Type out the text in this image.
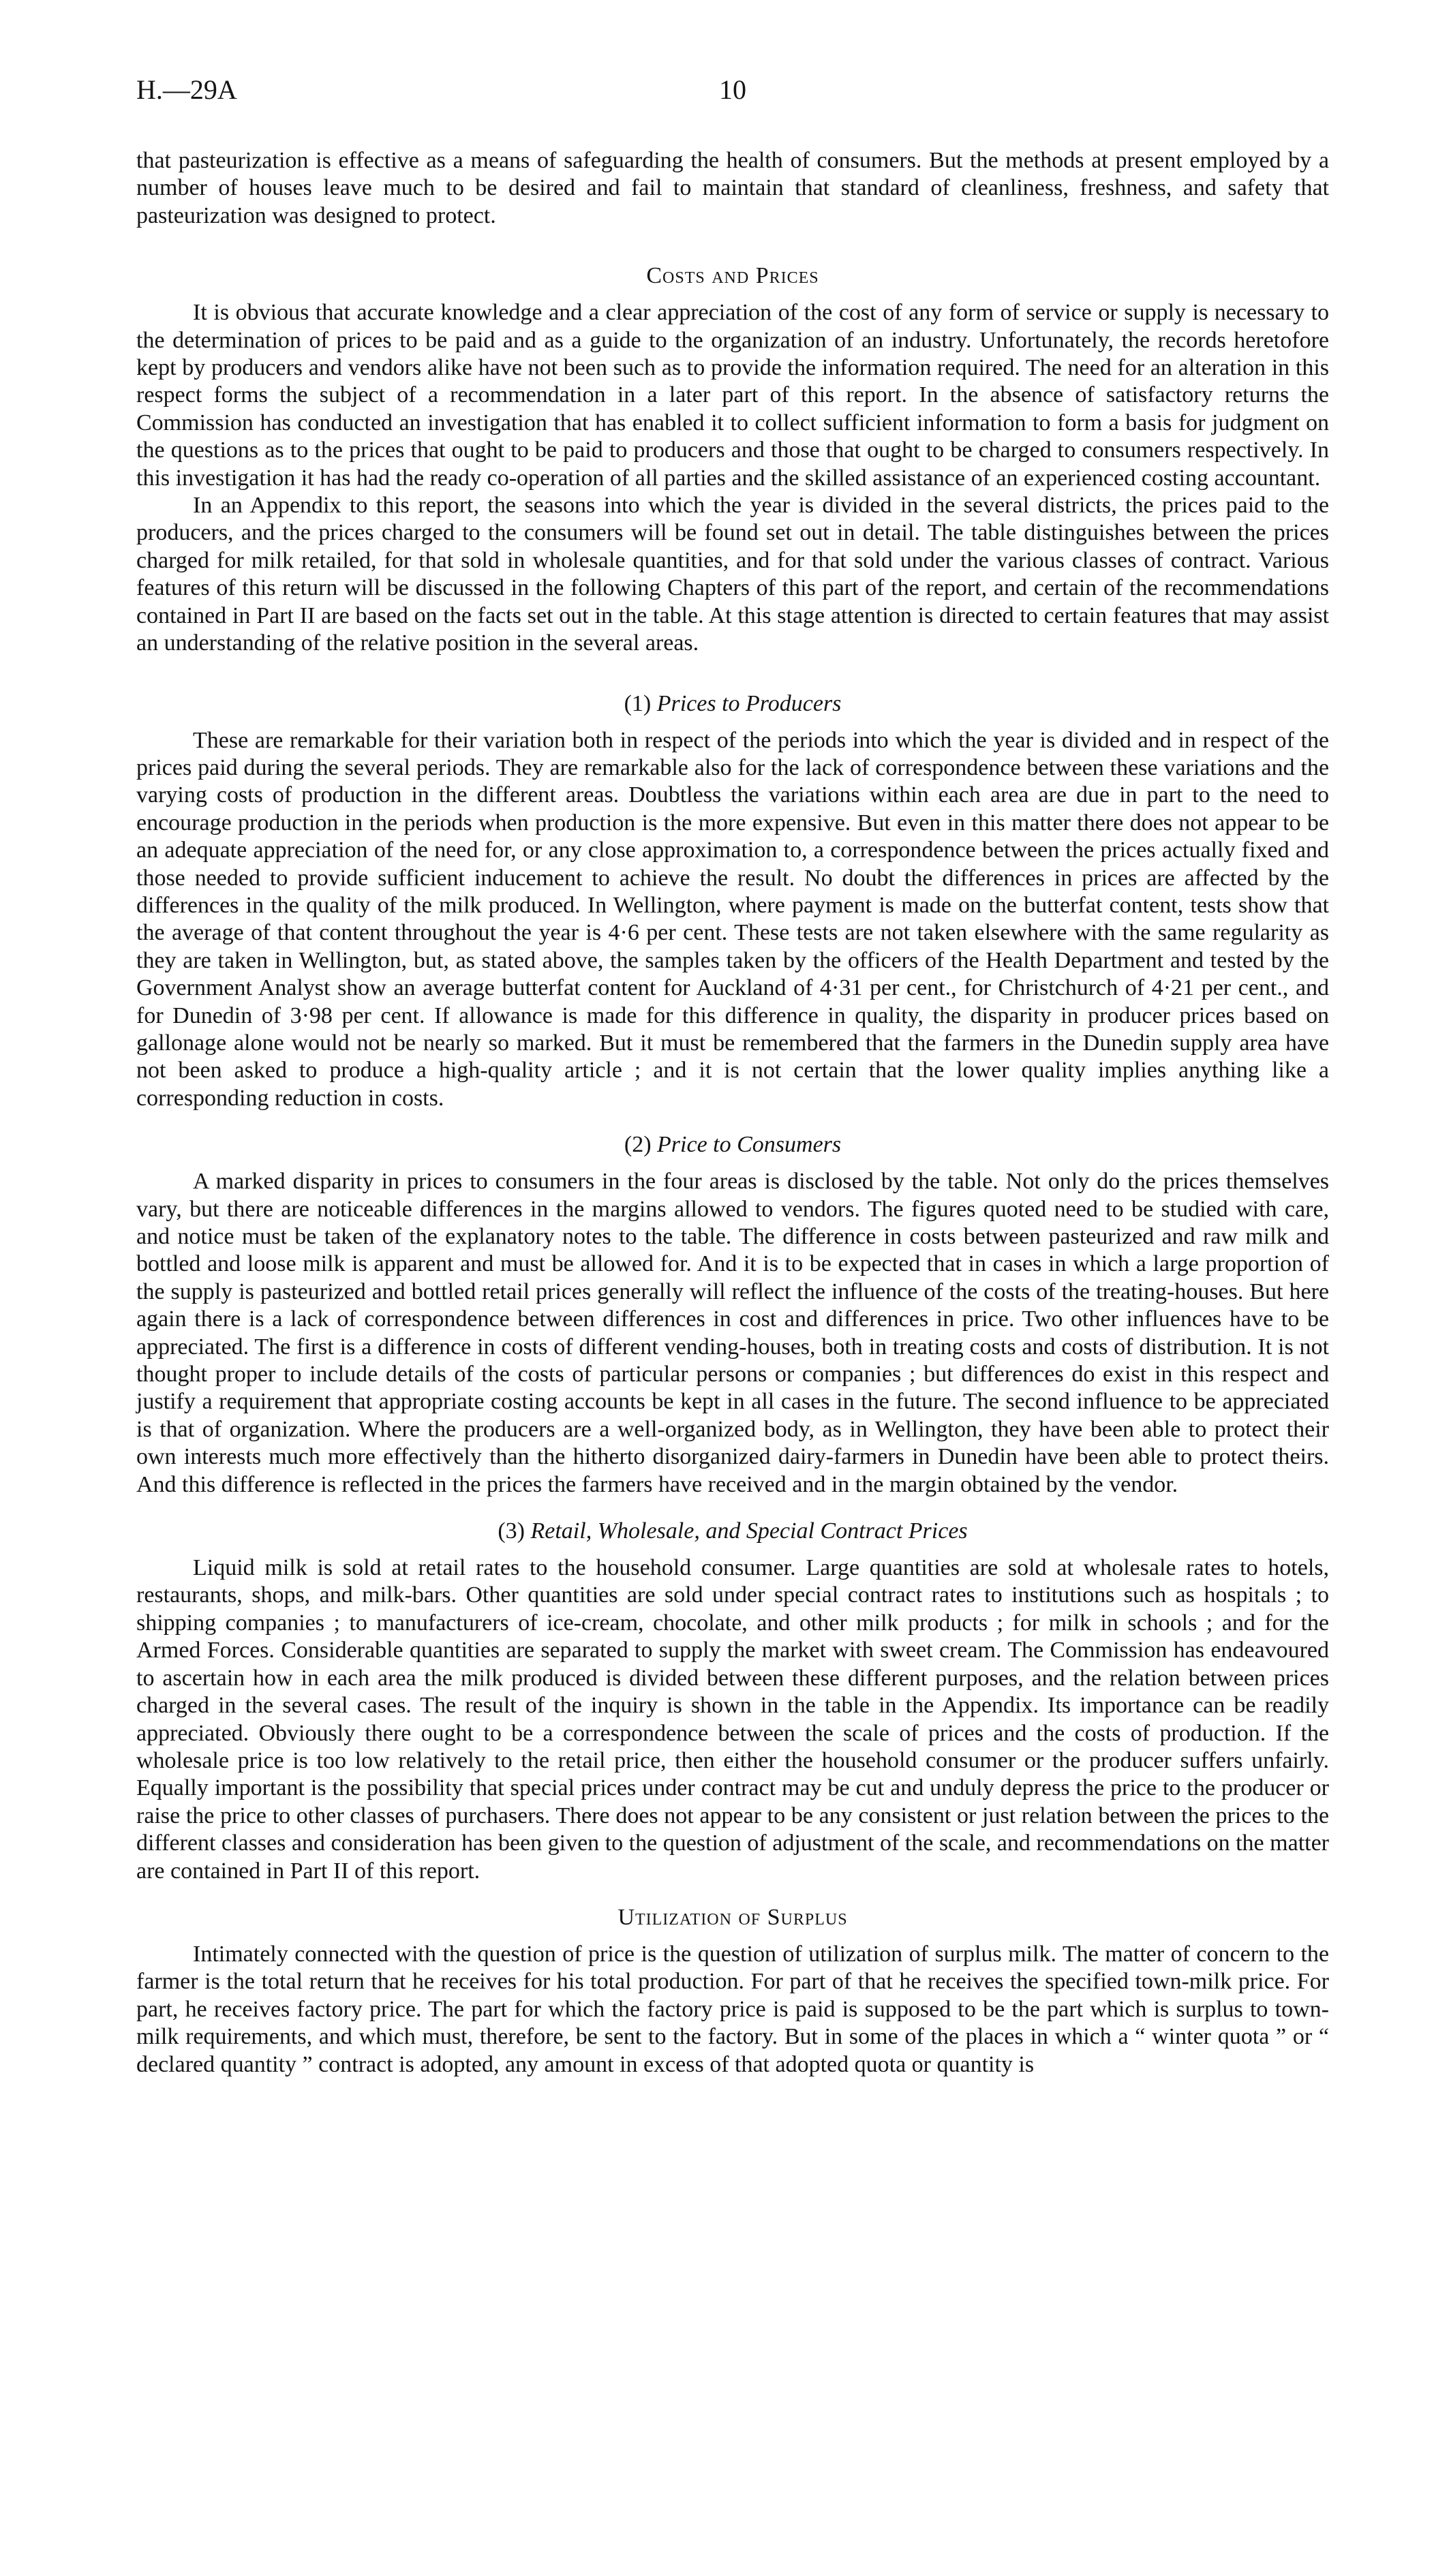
H.—29A	10

that pasteurization is effective as a means of safeguarding the health of consumers. But the methods at present employed by a number of houses leave much to be desired and fail to maintain that standard of cleanliness, freshness, and safety that pasteurization was designed to protect.

Costs and Prices

It is obvious that accurate knowledge and a clear appreciation of the cost of any form of service or supply is necessary to the determination of prices to be paid and as a guide to the organization of an industry. Unfortunately, the records heretofore kept by producers and vendors alike have not been such as to provide the information required. The need for an alteration in this respect forms the subject of a recommendation in a later part of this report. In the absence of satisfactory returns the Commission has conducted an investigation that has enabled it to collect sufficient information to form a basis for judgment on the questions as to the prices that ought to be paid to producers and those that ought to be charged to consumers respectively. In this investigation it has had the ready co-operation of all parties and the skilled assistance of an experienced costing accountant.

In an Appendix to this report, the seasons into which the year is divided in the several districts, the prices paid to the producers, and the prices charged to the consumers will be found set out in detail. The table distinguishes between the prices charged for milk retailed, for that sold in wholesale quantities, and for that sold under the various classes of contract. Various features of this return will be discussed in the following Chapters of this part of the report, and certain of the recommendations contained in Part II are based on the facts set out in the table. At this stage attention is directed to certain features that may assist an understanding of the relative position in the several areas.

(1) Prices to Producers

These are remarkable for their variation both in respect of the periods into which the year is divided and in respect of the prices paid during the several periods. They are remarkable also for the lack of correspondence between these variations and the varying costs of production in the different areas. Doubtless the variations within each area are due in part to the need to encourage production in the periods when production is the more expensive. But even in this matter there does not appear to be an adequate appreciation of the need for, or any close approximation to, a correspondence between the prices actually fixed and those needed to provide sufficient inducement to achieve the result. No doubt the differences in prices are affected by the differences in the quality of the milk produced. In Wellington, where payment is made on the butterfat content, tests show that the average of that content throughout the year is 4·6 per cent. These tests are not taken elsewhere with the same regularity as they are taken in Wellington, but, as stated above, the samples taken by the officers of the Health Department and tested by the Government Analyst show an average butterfat content for Auckland of 4·31 per cent., for Christchurch of 4·21 per cent., and for Dunedin of 3·98 per cent. If allowance is made for this difference in quality, the disparity in producer prices based on gallonage alone would not be nearly so marked. But it must be remembered that the farmers in the Dunedin supply area have not been asked to produce a high-quality article ; and it is not certain that the lower quality implies anything like a corresponding reduction in costs.

(2) Price to Consumers

A marked disparity in prices to consumers in the four areas is disclosed by the table. Not only do the prices themselves vary, but there are noticeable differences in the margins allowed to vendors. The figures quoted need to be studied with care, and notice must be taken of the explanatory notes to the table. The difference in costs between pasteurized and raw milk and bottled and loose milk is apparent and must be allowed for. And it is to be expected that in cases in which a large proportion of the supply is pasteurized and bottled retail prices generally will reflect the influence of the costs of the treating-houses. But here again there is a lack of correspondence between differences in cost and differences in price. Two other influences have to be appreciated. The first is a difference in costs of different vending-houses, both in treating costs and costs of distribution. It is not thought proper to include details of the costs of particular persons or companies ; but differences do exist in this respect and justify a requirement that appropriate costing accounts be kept in all cases in the future. The second influence to be appreciated is that of organization. Where the producers are a well-organized body, as in Wellington, they have been able to protect their own interests much more effectively than the hitherto disorganized dairy-farmers in Dunedin have been able to protect theirs. And this difference is reflected in the prices the farmers have received and in the margin obtained by the vendor.

(3) Retail, Wholesale, and Special Contract Prices

Liquid milk is sold at retail rates to the household consumer. Large quantities are sold at wholesale rates to hotels, restaurants, shops, and milk-bars. Other quantities are sold under special contract rates to institutions such as hospitals ; to shipping companies ; to manufacturers of ice-cream, chocolate, and other milk products ; for milk in schools ; and for the Armed Forces. Considerable quantities are separated to supply the market with sweet cream. The Commission has endeavoured to ascertain how in each area the milk produced is divided between these different purposes, and the relation between prices charged in the several cases. The result of the inquiry is shown in the table in the Appendix. Its importance can be readily appreciated. Obviously there ought to be a correspondence between the scale of prices and the costs of production. If the wholesale price is too low relatively to the retail price, then either the household consumer or the producer suffers unfairly. Equally important is the possibility that special prices under contract may be cut and unduly depress the price to the producer or raise the price to other classes of purchasers. There does not appear to be any consistent or just relation between the prices to the different classes and consideration has been given to the question of adjustment of the scale, and recommendations on the matter are contained in Part II of this report.

Utilization of Surplus

Intimately connected with the question of price is the question of utilization of surplus milk. The matter of concern to the farmer is the total return that he receives for his total production. For part of that he receives the specified town-milk price. For part, he receives factory price. The part for which the factory price is paid is supposed to be the part which is surplus to town-milk requirements, and which must, therefore, be sent to the factory. But in some of the places in which a “ winter quota ” or “ declared quantity ” contract is adopted, any amount in excess of that adopted quota or quantity is
